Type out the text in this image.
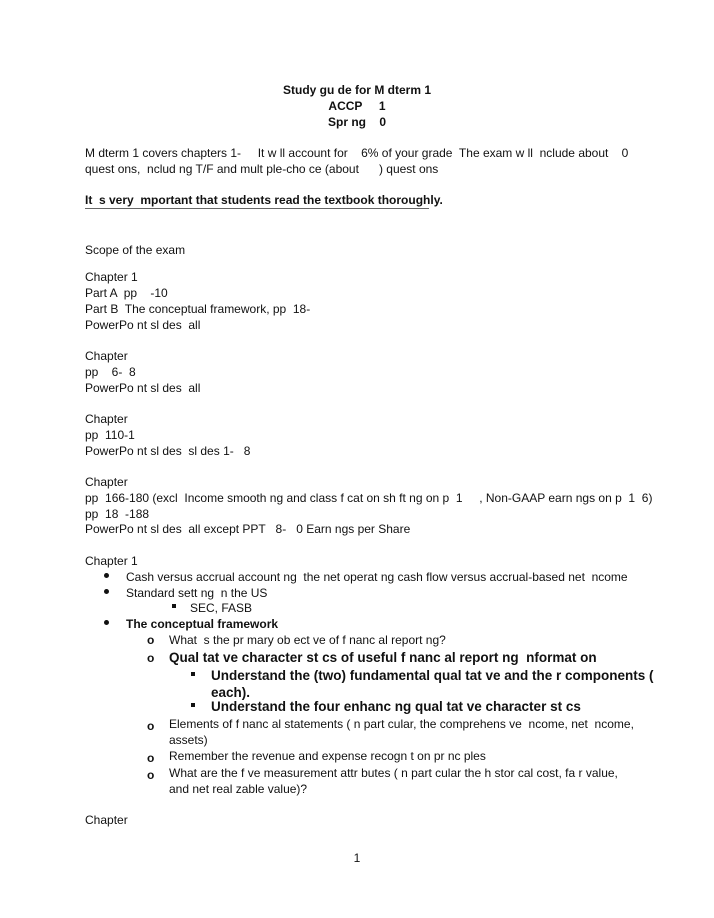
Study gu de for M dterm 1
ACCP     1
Spr ng    0
M dterm 1 covers chapters 1-     It w ll account for    6% of your grade  The exam w ll  nclude about    0
quest ons,  nclud ng T/F and mult ple-cho ce (about      ) quest ons
It  s very  mportant that students read the textbook thoroughly.
Scope of the exam
Chapter 1
Part A  pp    -10
Part B  The conceptual framework, pp  18-
PowerPo nt sl des  all
Chapter
pp    6-  8
PowerPo nt sl des  all
Chapter
pp  110-1
PowerPo nt sl des  sl des 1-   8
Chapter
pp  166-180 (excl  Income smooth ng and class f cat on sh ft ng on p  1     , Non-GAAP earn ngs on p  1  6)
pp  18  -188
PowerPo nt sl des  all except PPT   8-   0 Earn ngs per Share
Chapter 1
Cash versus accrual account ng  the net operat ng cash flow versus accrual-based net  ncome
Standard sett ng  n the US
SEC, FASB
The conceptual framework
o What  s the pr mary ob ect ve of f nanc al report ng?
o Qual tat ve character st cs of useful f nanc al report ng  nformat on
Understand the (two) fundamental qual tat ve and the r components (
each).
Understand the four enhanc ng qual tat ve character st cs
o Elements of f nanc al statements ( n part cular, the comprehens ve  ncome, net  ncome,
assets)
o Remember the revenue and expense recogn t on pr nc ples
o What are the f ve measurement attr butes ( n part cular the h stor cal cost, fa r value,
and net real zable value)?
Chapter
1
